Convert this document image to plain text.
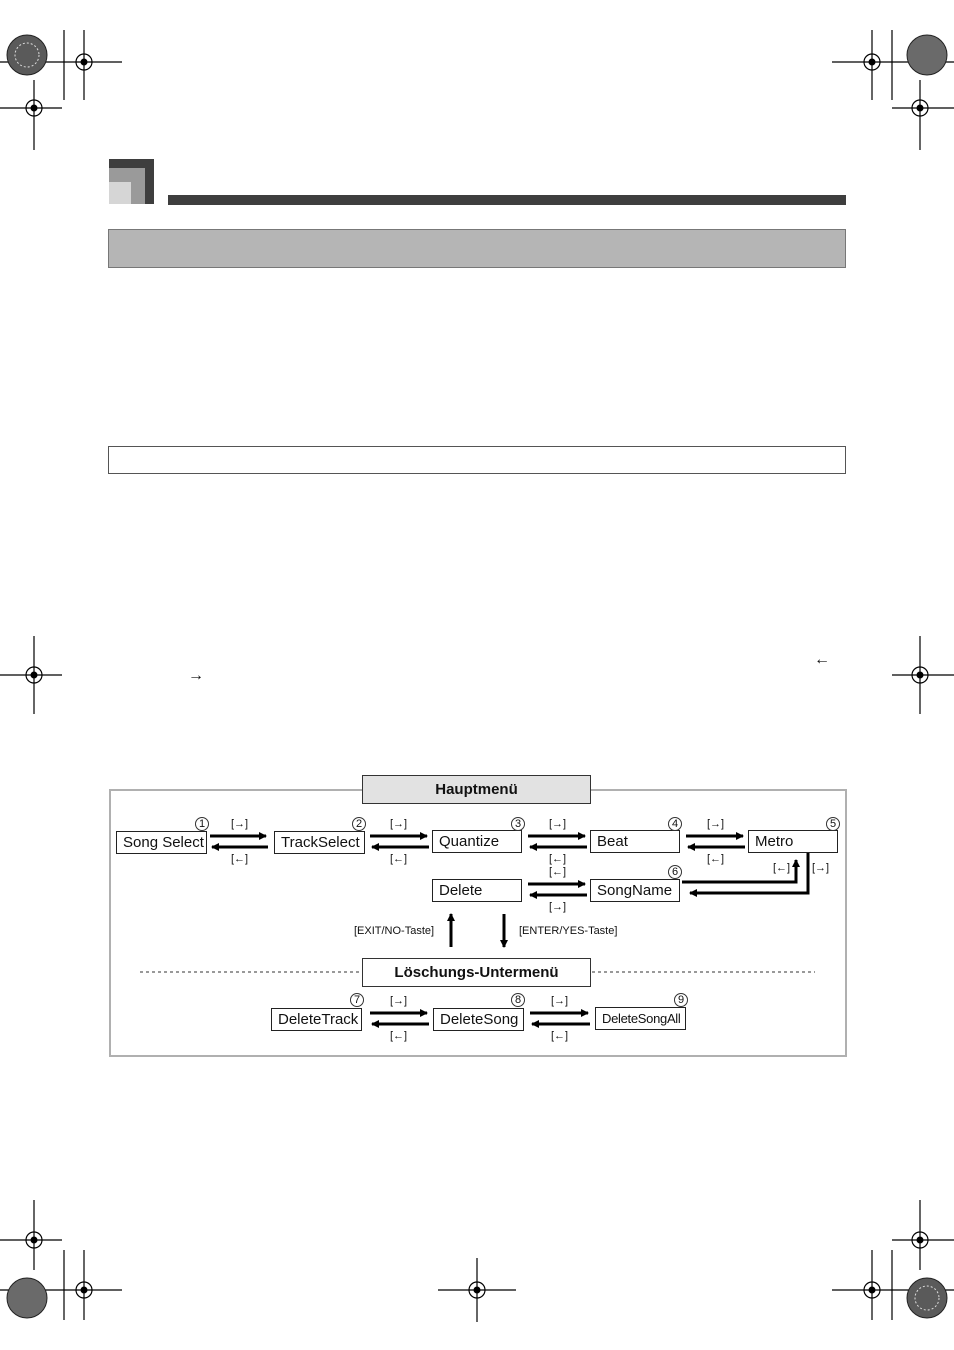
←
→
Hauptmenü
Löschungs-Untermenü
Song Select	TrackSelect	Quantize	Beat	Metro
Delete	SongName
DeleteTrack	DeleteSong	DeleteSongAll
1	2	3	4	5
6
7	8	9
[→]
[←]
[→]
[←]
[→]
[←]
[→]
[←]
[←]
[→]
[←] [→]
[→]
[←]
[→]
[←]
[EXIT/NO-Taste]	[ENTER/YES-Taste]
